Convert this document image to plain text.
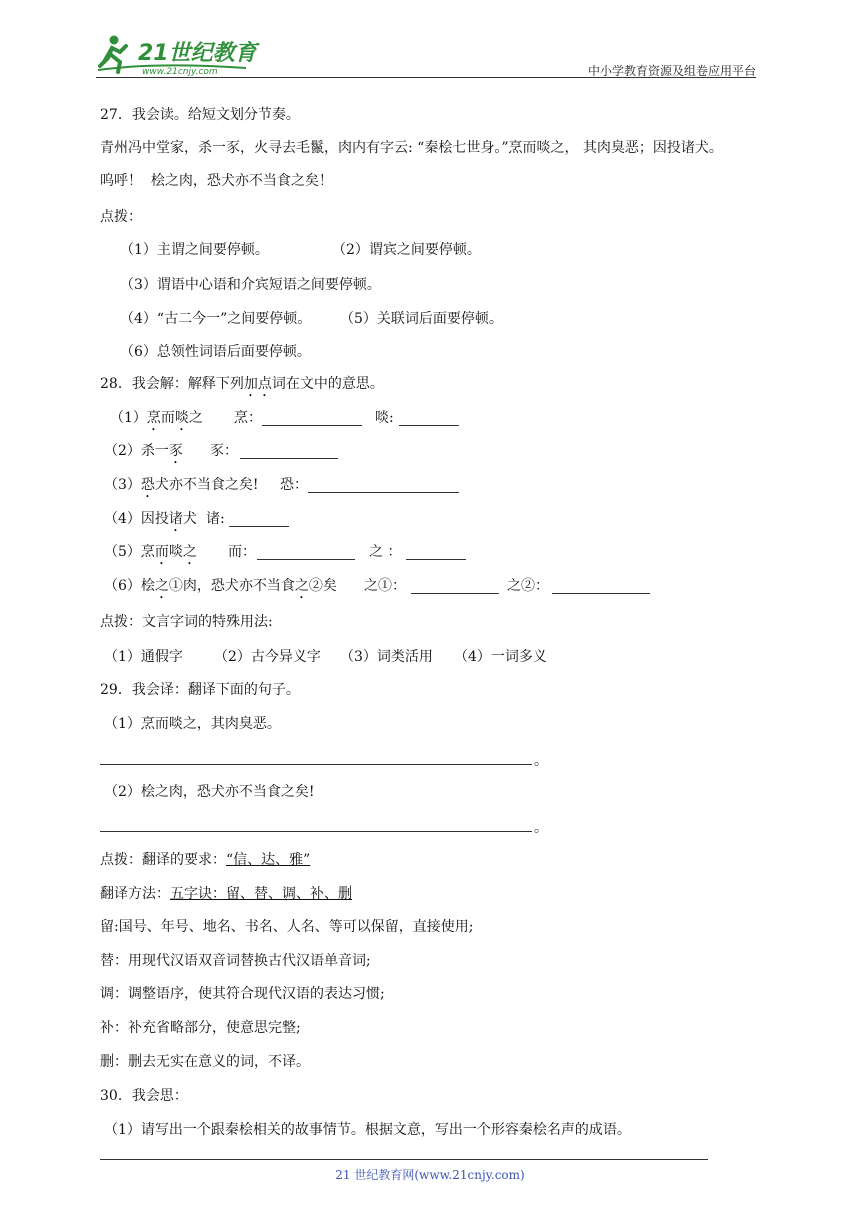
21世纪教育
www.21cnjy.com	中小学教育资源及组卷应用平台
27．我会读。给短文划分节奏。
青州冯中堂家，杀一豕，火寻去毛鬣，肉内有字云: “秦桧七世身。”烹而啖之， 其肉臭恶；因投诸犬。
呜呼！  桧之肉，恐犬亦不当食之矣！
点拨：
（1）主谓之间要停顿。	（2）谓宾之间要停顿。
（3）谓语中心语和介宾短语之间要停顿。
（4）“古二今一”之间要停顿。 （5）关联词后面要停顿。
（6）总领性词语后面要停顿。
28．我会解：解释下列加点词在文中的意思。
（1）烹而啖之 烹：	啖:
（2）杀一豕 豕：
（3）恐犬亦不当食之矣! 恐：
（4）因投诸犬 诸:
（5）烹而啖之 而：	之 ：
（6）桧之①肉，恐犬亦不当食之②矣 之①：	之②：
点拨：文言字词的特殊用法:
（1）通假字 （2）古今异义字 （3）词类活用 （4）一词多义
29．我会译：翻译下面的句子。
（1）烹而啖之，其肉臭恶。
。
（2）桧之肉，恐犬亦不当食之矣!
。
点拨：翻译的要求：“信、达、雅”
翻译方法：五字诀：留、替、调、补、删
留:国号、年号、地名、书名、人名、等可以保留，直接使用;
替：用现代汉语双音词替换古代汉语单音词;
调：调整语序，使其符合现代汉语的表达习惯;
补：补充省略部分，使意思完整;
删：删去无实在意义的词，不译。
30．我会思：
（1）请写出一个跟秦桧相关的故事情节。根据文意，写出一个形容秦桧名声的成语。
21 世纪教育网(www.21cnjy.com)
